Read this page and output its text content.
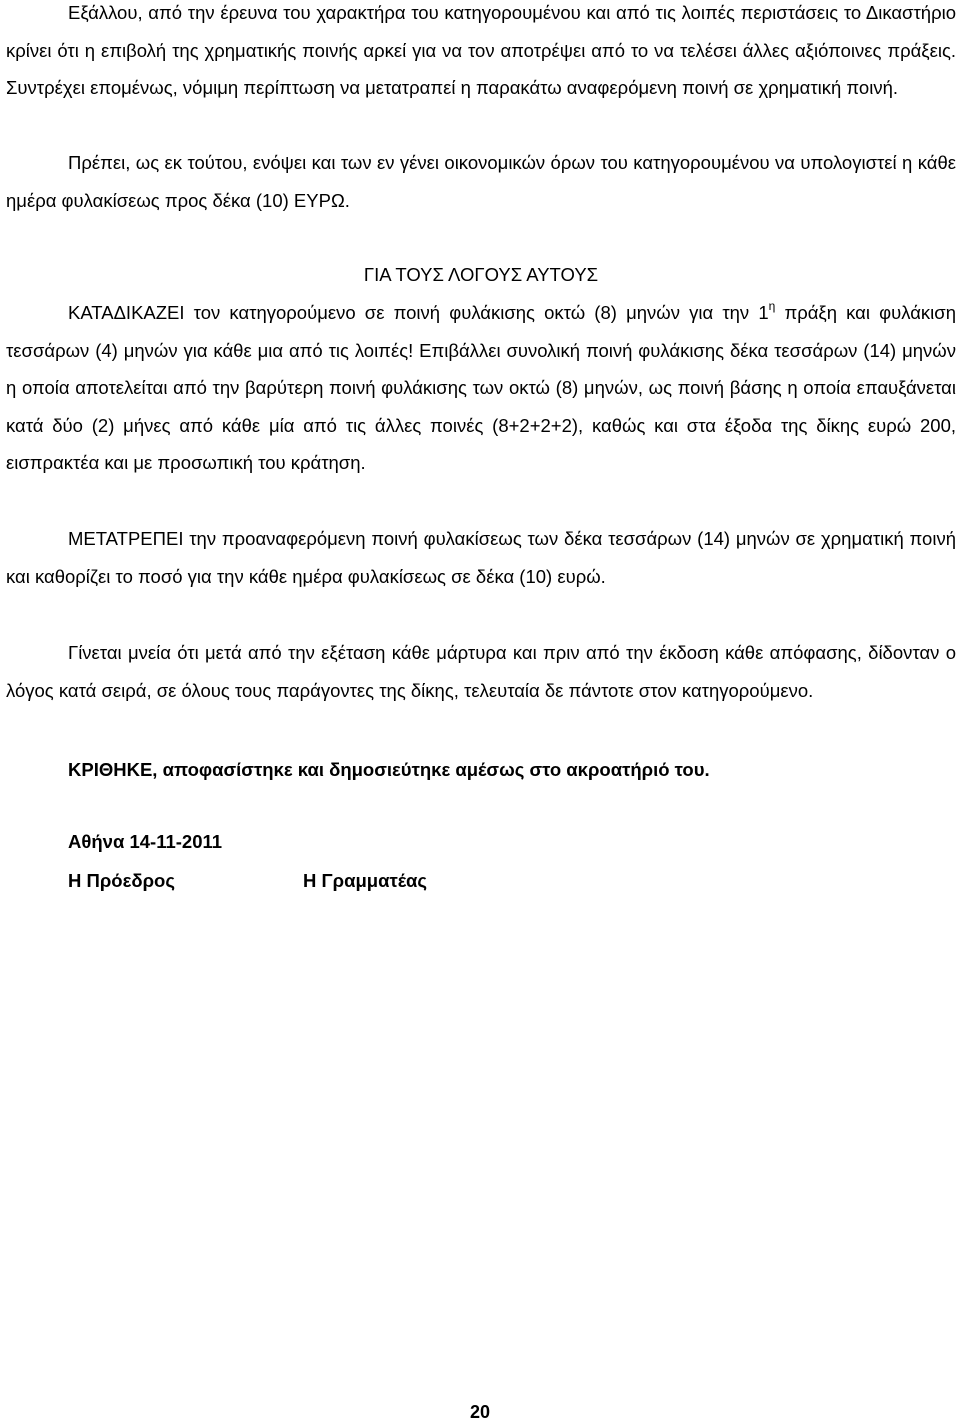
Εξάλλου, από την έρευνα του χαρακτήρα του κατηγορουμένου και από τις λοιπές περιστάσεις το Δικαστήριο κρίνει ότι η επιβολή της χρηματικής ποινής αρκεί για να τον αποτρέψει από το να τελέσει άλλες αξιόποινες πράξεις. Συντρέχει επομένως, νόμιμη περίπτωση να μετατραπεί η παρακάτω αναφερόμενη ποινή σε χρηματική ποινή.

Πρέπει, ως εκ τούτου, ενόψει και των εν γένει οικονομικών όρων του κατηγορουμένου να υπολογιστεί η κάθε ημέρα φυλακίσεως προς δέκα (10) ΕΥΡΩ.

ΓΙΑ ΤΟΥΣ ΛΟΓΟΥΣ ΑΥΤΟΥΣ

ΚΑΤΑΔΙΚΑΖΕΙ τον κατηγορούμενο σε ποινή φυλάκισης οκτώ (8) μηνών για την $1^\eta$ πράξη και φυλάκιση τεσσάρων (4) μηνών για κάθε μια από τις λοιπές! Επιβάλλει συνολική ποινή φυλάκισης δέκα τεσσάρων (14) μηνών η οποία αποτελείται από την βαρύτερη ποινή φυλάκισης των οκτώ (8) μηνών, ως ποινή βάσης η οποία επαυξάνεται κατά δύο (2) μήνες από κάθε μία από τις άλλες ποινές (8+2+2+2), καθώς και στα έξοδα της δίκης ευρώ 200, εισπρακτέα και με προσωπική του κράτηση.

ΜΕΤΑΤΡΕΠΕΙ την προαναφερόμενη ποινή φυλακίσεως των δέκα τεσσάρων (14) μηνών σε χρηματική ποινή και καθορίζει το ποσό για την κάθε ημέρα φυλακίσεως σε δέκα (10) ευρώ.

Γίνεται μνεία ότι μετά από την εξέταση κάθε μάρτυρα και πριν από την έκδοση κάθε απόφασης, δίδονταν ο λόγος κατά σειρά, σε όλους τους παράγοντες της δίκης, τελευταία δε πάντοτε στον κατηγορούμενο.

ΚΡΙΘΗΚΕ, αποφασίστηκε και δημοσιεύτηκε αμέσως στο ακροατήριό του.

Αθήνα 14-11-2011

Η Πρόεδρος	Η Γραμματέας
20
